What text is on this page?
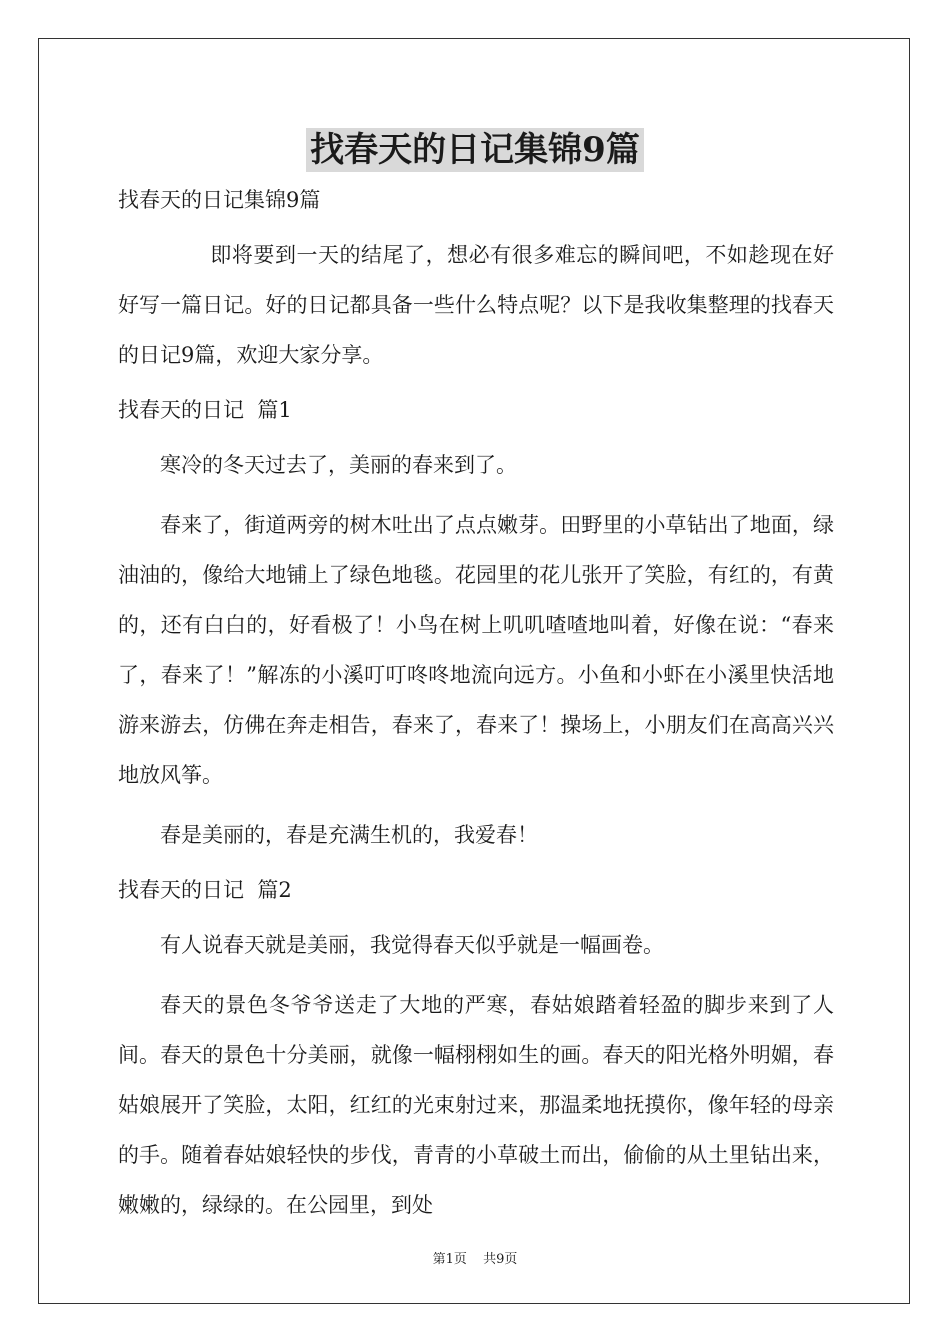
找春天的日记集锦9篇
找春天的日记集锦9篇
即将要到一天的结尾了，想必有很多难忘的瞬间吧，不如趁现在好好写一篇日记。好的日记都具备一些什么特点呢？以下是我收集整理的找春天的日记9篇，欢迎大家分享。
找春天的日记  篇1
寒冷的冬天过去了，美丽的春来到了。
春来了，街道两旁的树木吐出了点点嫩芽。田野里的小草钻出了地面，绿油油的，像给大地铺上了绿色地毯。花园里的花儿张开了笑脸，有红的，有黄的，还有白白的，好看极了！小鸟在树上叽叽喳喳地叫着，好像在说：“春来了，春来了！”解冻的小溪叮叮咚咚地流向远方。小鱼和小虾在小溪里快活地游来游去，仿佛在奔走相告，春来了，春来了！操场上，小朋友们在高高兴兴地放风筝。
春是美丽的，春是充满生机的，我爱春！
找春天的日记  篇2
有人说春天就是美丽，我觉得春天似乎就是一幅画卷。
春天的景色冬爷爷送走了大地的严寒，春姑娘踏着轻盈的脚步来到了人间。春天的景色十分美丽，就像一幅栩栩如生的画。春天的阳光格外明媚，春姑娘展开了笑脸，太阳，红红的光束射过来，那温柔地抚摸你，像年轻的母亲的手。随着春姑娘轻快的步伐，青青的小草破土而出，偷偷的从土里钻出来，嫩嫩的，绿绿的。在公园里，到处
第1页 共9页
